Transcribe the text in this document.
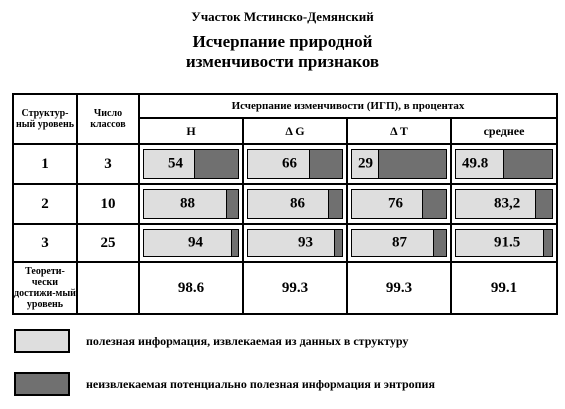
Участок Мстинско-Демянский
Исчерпание природной
изменчивости признаков
Структур-ный уровень	Число классов	Исчерпание изменчивости (ИГП), в процентах			
		H	Δ G	Δ T	среднее
1	3	54	66	29	49.8

2	10	88	86	76	83,2

3	25	94	93	87	91.5

Теорети-чески достижи-мый уровень		98.6	99.3	99.3	99.1
полезная информация, извлекаемая из данных в структуру
неизвлекаемая потенциально полезная информация и энтропия
